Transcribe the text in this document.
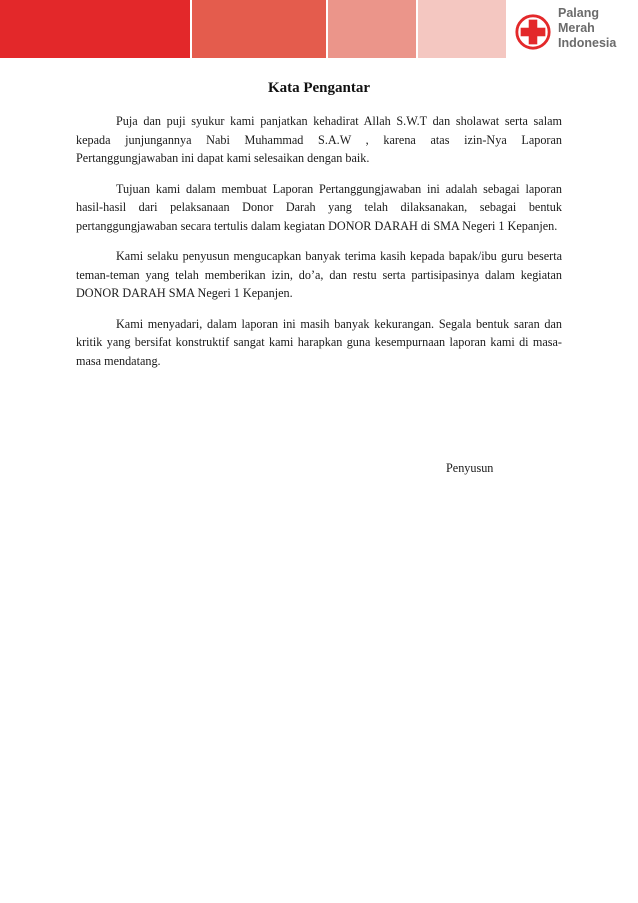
Palang
Merah
Indonesia
Kata Pengantar

Puja dan puji syukur kami panjatkan kehadirat Allah S.W.T dan sholawat serta salam kepada junjungannya Nabi Muhammad S.A.W , karena atas izin-Nya Laporan Pertanggungjawaban ini dapat kami selesaikan dengan baik.

Tujuan kami dalam membuat Laporan Pertanggungjawaban ini adalah sebagai laporan hasil-hasil dari pelaksanaan Donor Darah yang telah dilaksanakan, sebagai bentuk pertanggungjawaban secara tertulis dalam kegiatan DONOR DARAH di SMA Negeri 1 Kepanjen.

Kami selaku penyusun mengucapkan banyak terima kasih kepada bapak/ibu guru beserta teman-teman yang telah memberikan izin, do’a, dan restu serta partisipasinya dalam kegiatan DONOR DARAH SMA Negeri 1 Kepanjen.

Kami menyadari, dalam laporan ini masih banyak kekurangan. Segala bentuk saran dan kritik yang bersifat konstruktif sangat kami harapkan guna kesempurnaan laporan kami di masa-masa mendatang.

Penyusun
